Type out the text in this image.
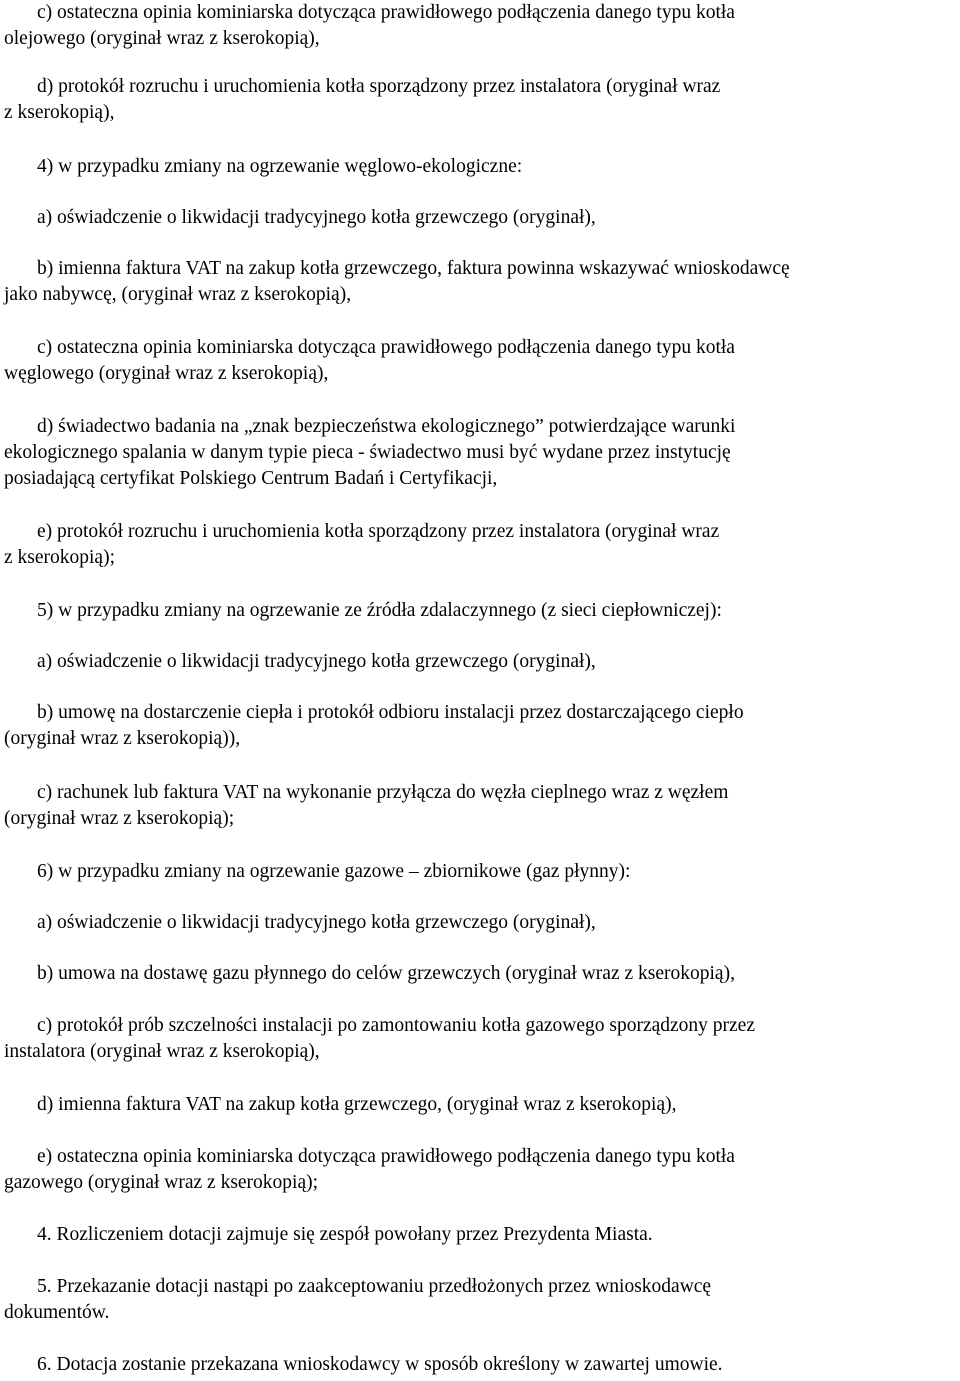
c) ostateczna opinia kominiarska dotycząca prawidłowego podłączenia danego typu kotła
olejowego (oryginał wraz z kserokopią),

d) protokół rozruchu i uruchomienia kotła sporządzony przez instalatora (oryginał wraz
z kserokopią),

4) w przypadku zmiany na ogrzewanie węglowo-ekologiczne:

a) oświadczenie o likwidacji tradycyjnego kotła grzewczego (oryginał),

b) imienna faktura VAT na zakup kotła grzewczego, faktura powinna wskazywać wnioskodawcę
jako nabywcę, (oryginał wraz z kserokopią),

c) ostateczna opinia kominiarska dotycząca prawidłowego podłączenia danego typu kotła
węglowego (oryginał wraz z kserokopią),

d) świadectwo badania na „znak bezpieczeństwa ekologicznego” potwierdzające warunki
ekologicznego spalania w danym typie pieca - świadectwo musi być wydane przez instytucję
posiadającą certyfikat Polskiego Centrum Badań i Certyfikacji,

e) protokół rozruchu i uruchomienia kotła sporządzony przez instalatora (oryginał wraz
z kserokopią);

5) w przypadku zmiany na ogrzewanie ze źródła zdalaczynnego (z sieci ciepłowniczej):

a) oświadczenie o likwidacji tradycyjnego kotła grzewczego (oryginał),

b) umowę na dostarczenie ciepła i protokół odbioru instalacji przez dostarczającego ciepło
(oryginał wraz z kserokopią)),

c) rachunek lub faktura VAT na wykonanie przyłącza do węzła cieplnego wraz z węzłem
(oryginał wraz z kserokopią);

6) w przypadku zmiany na ogrzewanie gazowe – zbiornikowe (gaz płynny):

a) oświadczenie o likwidacji tradycyjnego kotła grzewczego (oryginał),

b) umowa na dostawę gazu płynnego do celów grzewczych (oryginał wraz z kserokopią),

c) protokół prób szczelności instalacji po zamontowaniu kotła gazowego sporządzony przez
instalatora (oryginał wraz z kserokopią),

d) imienna faktura VAT na zakup kotła grzewczego, (oryginał wraz z kserokopią),

e) ostateczna opinia kominiarska dotycząca prawidłowego podłączenia danego typu kotła
gazowego (oryginał wraz z kserokopią);

4. Rozliczeniem dotacji zajmuje się zespół powołany przez Prezydenta Miasta.

5. Przekazanie dotacji nastąpi po zaakceptowaniu przedłożonych przez wnioskodawcę
dokumentów.

6. Dotacja zostanie przekazana wnioskodawcy w sposób określony w zawartej umowie.
